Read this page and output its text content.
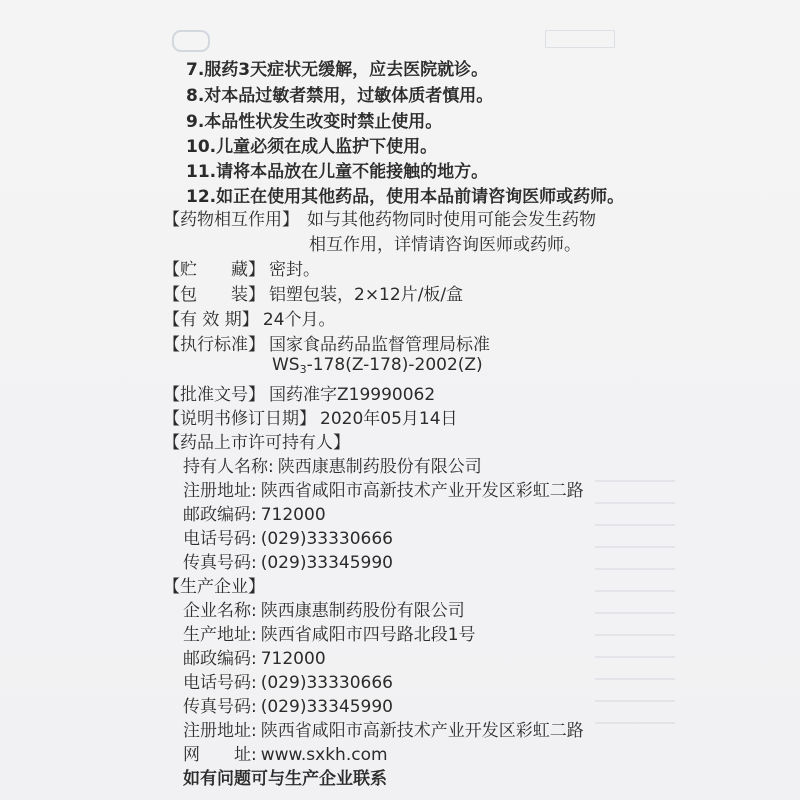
7.服药3天症状无缓解，应去医院就诊。
8.对本品过敏者禁用，过敏体质者慎用。
9.本品性状发生改变时禁止使用。
10.儿童必须在成人监护下使用。
11.请将本品放在儿童不能接触的地方。
12.如正在使用其他药品，使用本品前请咨询医师或药师。
【药物相互作用】 如与其他药物同时使用可能会发生药物
相互作用，详情请咨询医师或药师。
【贮　　藏】 密封。
【包　　装】 铝塑包装，2×12片/板/盒
【有 效 期】 24个月。
【执行标准】 国家食品药品监督管理局标准
$WS_3-178(Z-178)-2002(Z)$
【批准文号】 国药准字Z19990062
【说明书修订日期】 2020年05月14日
【药品上市许可持有人】
持有人名称: 陕西康惠制药股份有限公司
注册地址: 陕西省咸阳市高新技术产业开发区彩虹二路
邮政编码: 712000
电话号码: (029)33330666
传真号码: (029)33345990
【生产企业】
企业名称: 陕西康惠制药股份有限公司
生产地址: 陕西省咸阳市四号路北段1号
邮政编码: 712000
电话号码: (029)33330666
传真号码: (029)33345990
注册地址: 陕西省咸阳市高新技术产业开发区彩虹二路
网　　址: www.sxkh.com
如有问题可与生产企业联系
